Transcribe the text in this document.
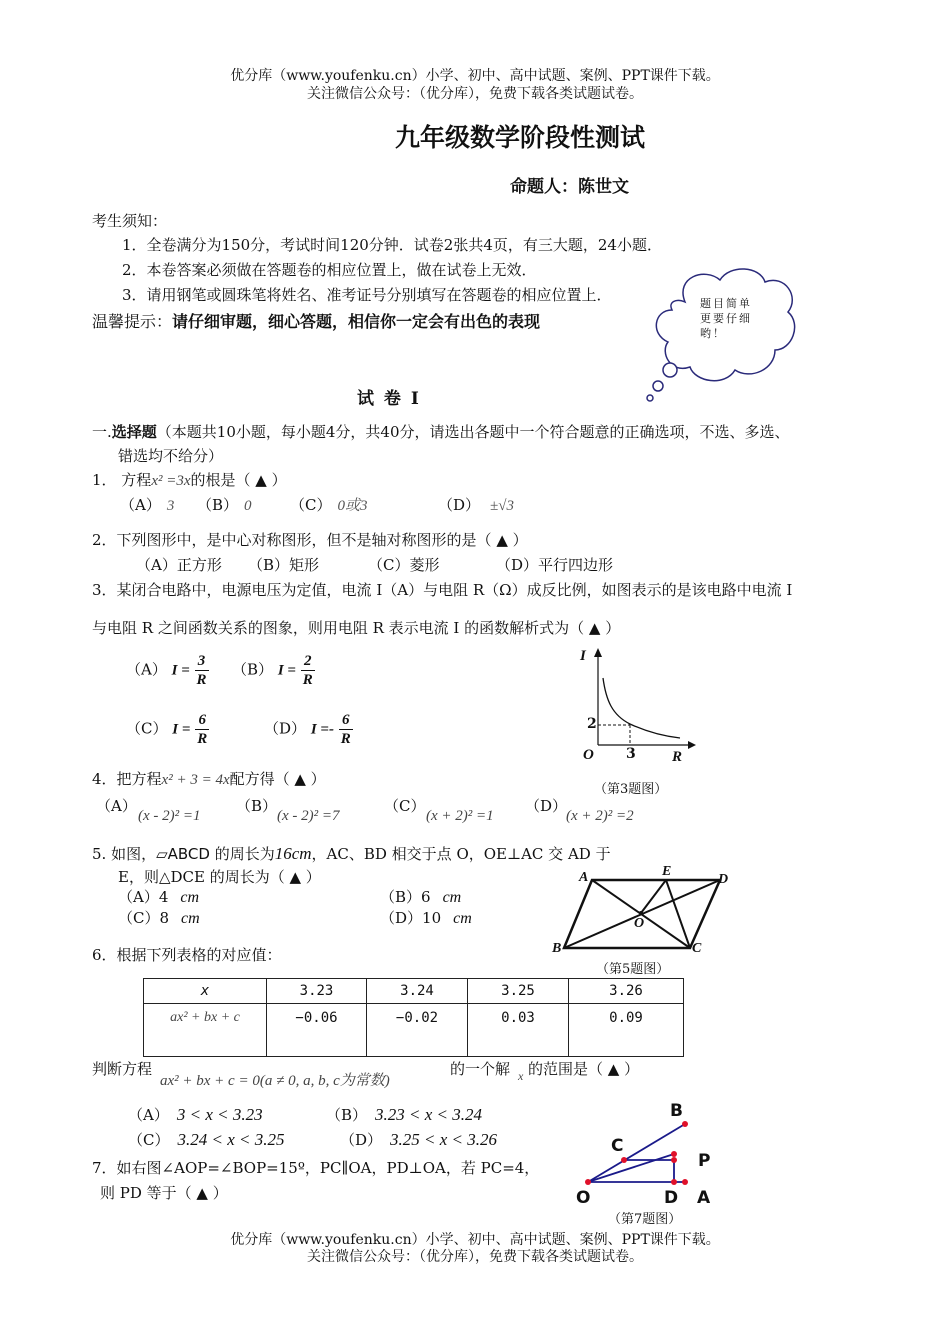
优分库（www.youfenku.cn）小学、初中、高中试题、案例、PPT课件下载。
关注微信公众号：（优分库），免费下载各类试题试卷。
九年级数学阶段性测试
命题人：陈世文
考生须知：
1．全卷满分为150分，考试时间120分钟．试卷2张共4页，有三大题，24小题．
2．本卷答案必须做在答题卷的相应位置上，做在试卷上无效．
3．请用钢笔或圆珠笔将姓名、准考证号分别填写在答题卷的相应位置上．
温馨提示：请仔细审题，细心答题，相信你一定会有出色的表现
题目简单
更要仔细
哟！
试 卷 Ⅰ
一.选择题（本题共10小题，每小题4分，共40分，请选出各题中一个符合题意的正确选项，不选、多选、
错选均不给分）
1． 方程x² =3x的根是（ ▲ ）
（A） 3 （B） 0	（C） 0或3	（D） ±√3
2．下列图形中，是中心对称图形，但不是轴对称图形的是（ ▲ ）
（A）正方形 （B）矩形	（C）菱形	（D）平行四边形
3．某闭合电路中，电源电压为定值，电流 I（A）与电阻 R（Ω）成反比例，如图表示的是该电路中电流 I
与电阻 R 之间函数关系的图象，则用电阻 R 表示电流 I 的函数解析式为（ ▲ ）
（A） $I = \frac{3}{R} (B) I = \frac{2}{R}$
（C） $I = \frac{6}{R}$	（D） $I =- \frac{6}{R}$
I
R
O
2
3
（第3题图）
4．把方程x² + 3 = 4x配方得（ ▲ ）
（A）
(x - 2)² =1
（B）
(x - 2)² =7
（C）
(x + 2)² =1
（D）
(x + 2)² =2
5. 如图，▱ABCD 的周长为16cm，AC、BD 相交于点 O，OE⊥AC 交 AD 于
E，则△DCE 的周长为（ ▲ ）
（A）4 cm
（C）8 cm
（B）6 cm
（D）10 cm
A	E
D
B	C
O
（第5题图）
6．根据下列表格的对应值：
x	3.23	3.24	3.25	3.26
ax² + bx + c	−0.06	−0.02	0.03	0.09
判断方程
ax² + bx + c = 0(a ≠ 0, a, b, c为常数)
的一个解 x 的范围是（ ▲ ）
（A） 3 < x < 3.23	（B） 3.23 < x < 3.24
（C） 3.24 < x < 3.25	（D） 3.25 < x < 3.26
7．如右图∠AOP=∠BOP=15º，PC∥OA，PD⊥OA，若 PC=4，
则 PD 等于（ ▲ ）
B
C
P
O	D A
（第7题图）
优分库（www.youfenku.cn）小学、初中、高中试题、案例、PPT课件下载。
关注微信公众号：（优分库），免费下载各类试题试卷。
